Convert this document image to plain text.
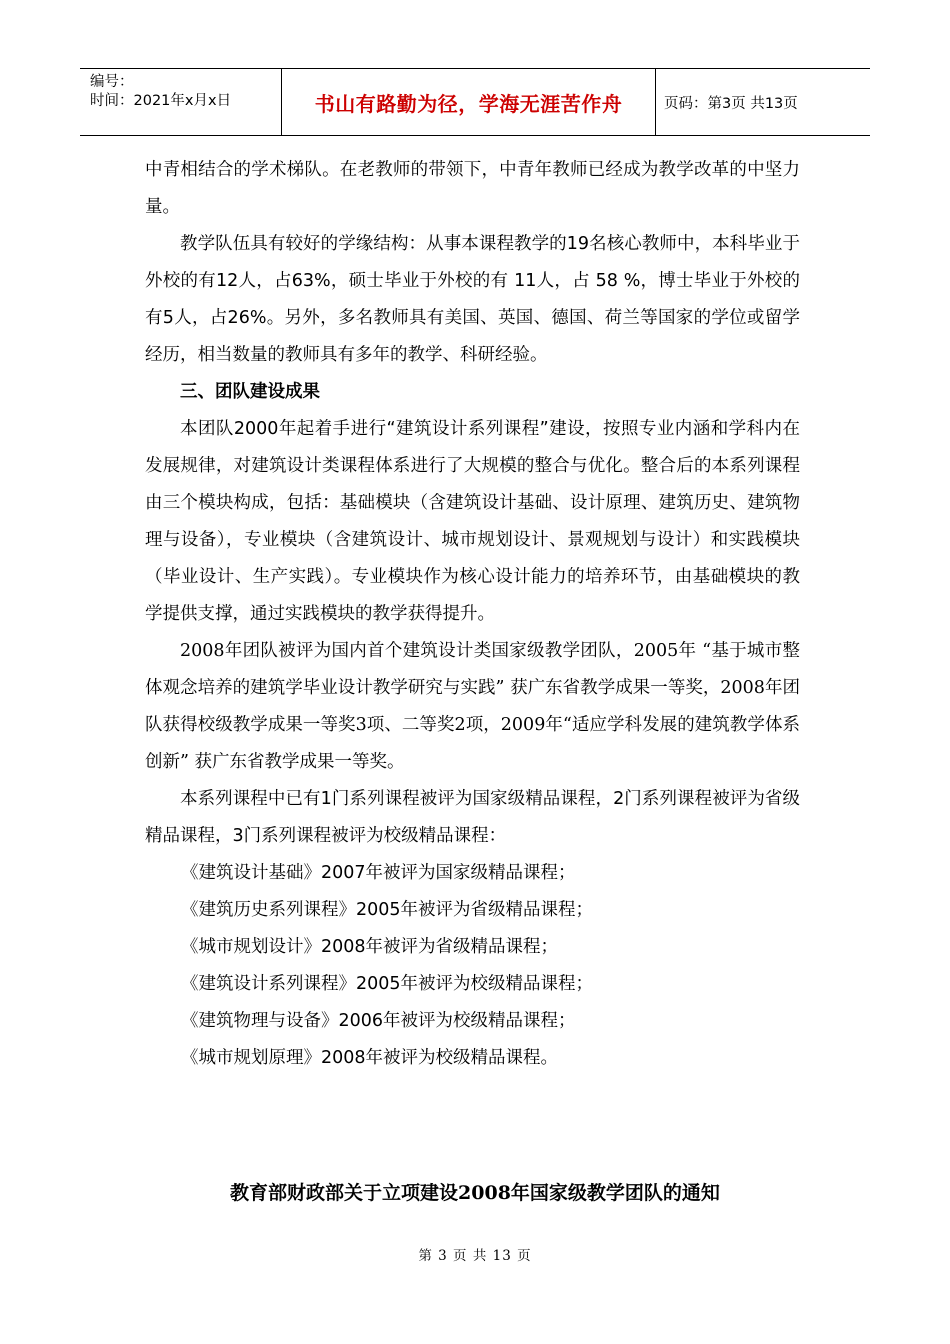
编号：
时间：2021年x月x日	书山有路勤为径，学海无涯苦作舟	页码：第3页 共13页

中青相结合的学术梯队。在老教师的带领下，中青年教师已经成为教学改革的中坚力量。

教学队伍具有较好的学缘结构：从事本课程教学的19名核心教师中，本科毕业于外校的有12人，占63%，硕士毕业于外校的有 11人，占 58 %，博士毕业于外校的有5人，占26%。另外，多名教师具有美国、英国、德国、荷兰等国家的学位或留学经历，相当数量的教师具有多年的教学、科研经验。

三、团队建设成果

本团队2000年起着手进行“建筑设计系列课程”建设，按照专业内涵和学科内在发展规律，对建筑设计类课程体系进行了大规模的整合与优化。整合后的本系列课程由三个模块构成，包括：基础模块（含建筑设计基础、设计原理、建筑历史、建筑物理与设备），专业模块（含建筑设计、城市规划设计、景观规划与设计）和实践模块（毕业设计、生产实践）。专业模块作为核心设计能力的培养环节，由基础模块的教学提供支撑，通过实践模块的教学获得提升。

2008年团队被评为国内首个建筑设计类国家级教学团队，2005年 “基于城市整体观念培养的建筑学毕业设计教学研究与实践” 获广东省教学成果一等奖，2008年团队获得校级教学成果一等奖3项、二等奖2项，2009年“适应学科发展的建筑教学体系创新” 获广东省教学成果一等奖。

本系列课程中已有1门系列课程被评为国家级精品课程，2门系列课程被评为省级精品课程，3门系列课程被评为校级精品课程：

《建筑设计基础》2007年被评为国家级精品课程；

《建筑历史系列课程》2005年被评为省级精品课程；

《城市规划设计》2008年被评为省级精品课程；

《建筑设计系列课程》2005年被评为校级精品课程；

《建筑物理与设备》2006年被评为校级精品课程；

《城市规划原理》2008年被评为校级精品课程。

教育部财政部关于立项建设2008年国家级教学团队的通知
第 3 页 共 13 页
